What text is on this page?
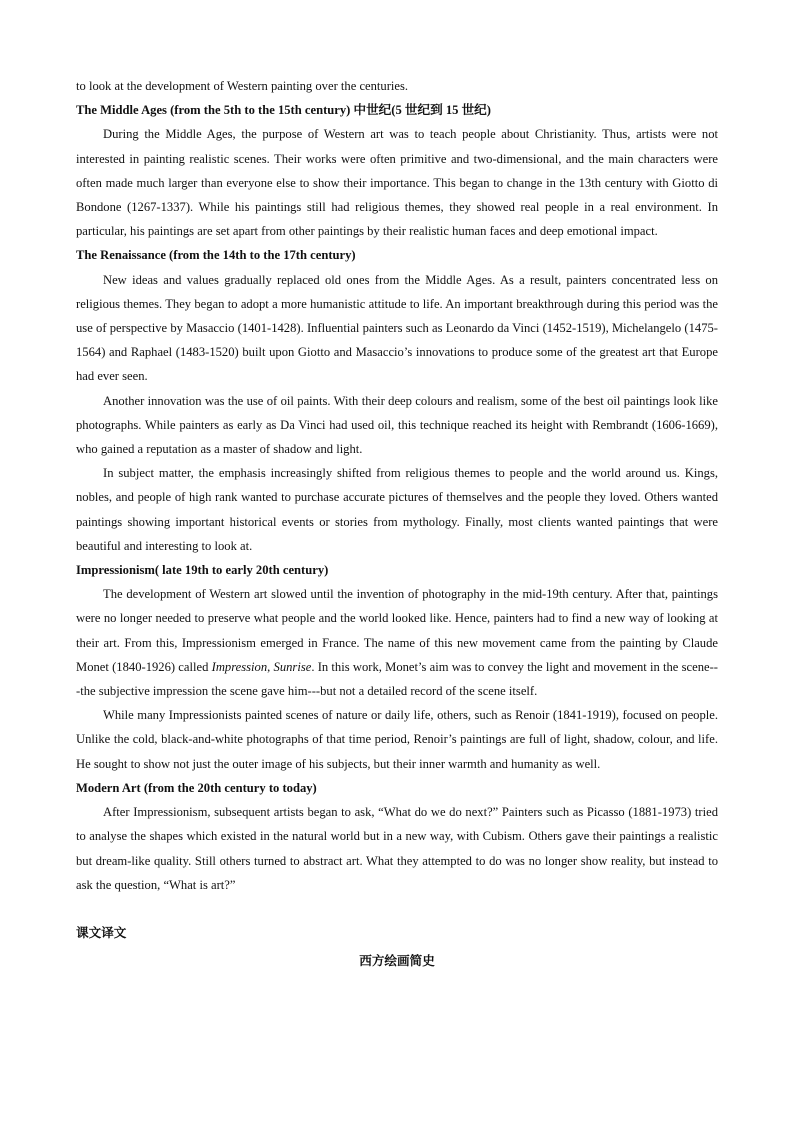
to look at the development of Western painting over the centuries.

The Middle Ages (from the 5th to the 15th century) 中世纪(5 世纪到 15 世纪)

During the Middle Ages, the purpose of Western art was to teach people about Christianity. Thus, artists were not interested in painting realistic scenes. Their works were often primitive and two-dimensional, and the main characters were often made much larger than everyone else to show their importance. This began to change in the 13th century with Giotto di Bondone (1267-1337). While his paintings still had religious themes, they showed real people in a real environment. In particular, his paintings are set apart from other paintings by their realistic human faces and deep emotional impact.

The Renaissance (from the 14th to the 17th century)

New ideas and values gradually replaced old ones from the Middle Ages. As a result, painters concentrated less on religious themes. They began to adopt a more humanistic attitude to life. An important breakthrough during this period was the use of perspective by Masaccio (1401-1428). Influential painters such as Leonardo da Vinci (1452-1519), Michelangelo (1475-1564) and Raphael (1483-1520) built upon Giotto and Masaccio’s innovations to produce some of the greatest art that Europe had ever seen.

Another innovation was the use of oil paints. With their deep colours and realism, some of the best oil paintings look like photographs. While painters as early as Da Vinci had used oil, this technique reached its height with Rembrandt (1606-1669), who gained a reputation as a master of shadow and light.

In subject matter, the emphasis increasingly shifted from religious themes to people and the world around us. Kings, nobles, and people of high rank wanted to purchase accurate pictures of themselves and the people they loved. Others wanted paintings showing important historical events or stories from mythology. Finally, most clients wanted paintings that were beautiful and interesting to look at.

Impressionism( late 19th to early 20th century)

The development of Western art slowed until the invention of photography in the mid-19th century. After that, paintings were no longer needed to preserve what people and the world looked like. Hence, painters had to find a new way of looking at their art. From this, Impressionism emerged in France. The name of this new movement came from the painting by Claude Monet (1840-1926) called Impression, Sunrise. In this work, Monet’s aim was to convey the light and movement in the scene---the subjective impression the scene gave him---but not a detailed record of the scene itself.

While many Impressionists painted scenes of nature or daily life, others, such as Renoir (1841-1919), focused on people. Unlike the cold, black-and-white photographs of that time period, Renoir’s paintings are full of light, shadow, colour, and life. He sought to show not just the outer image of his subjects, but their inner warmth and humanity as well.

Modern Art (from the 20th century to today)

After Impressionism, subsequent artists began to ask, “What do we do next?” Painters such as Picasso (1881-1973) tried to analyse the shapes which existed in the natural world but in a new way, with Cubism. Others gave their paintings a realistic but dream-like quality. Still others turned to abstract art. What they attempted to do was no longer show reality, but instead to ask the question, “What is art?”

课文译文

西方绘画简史
